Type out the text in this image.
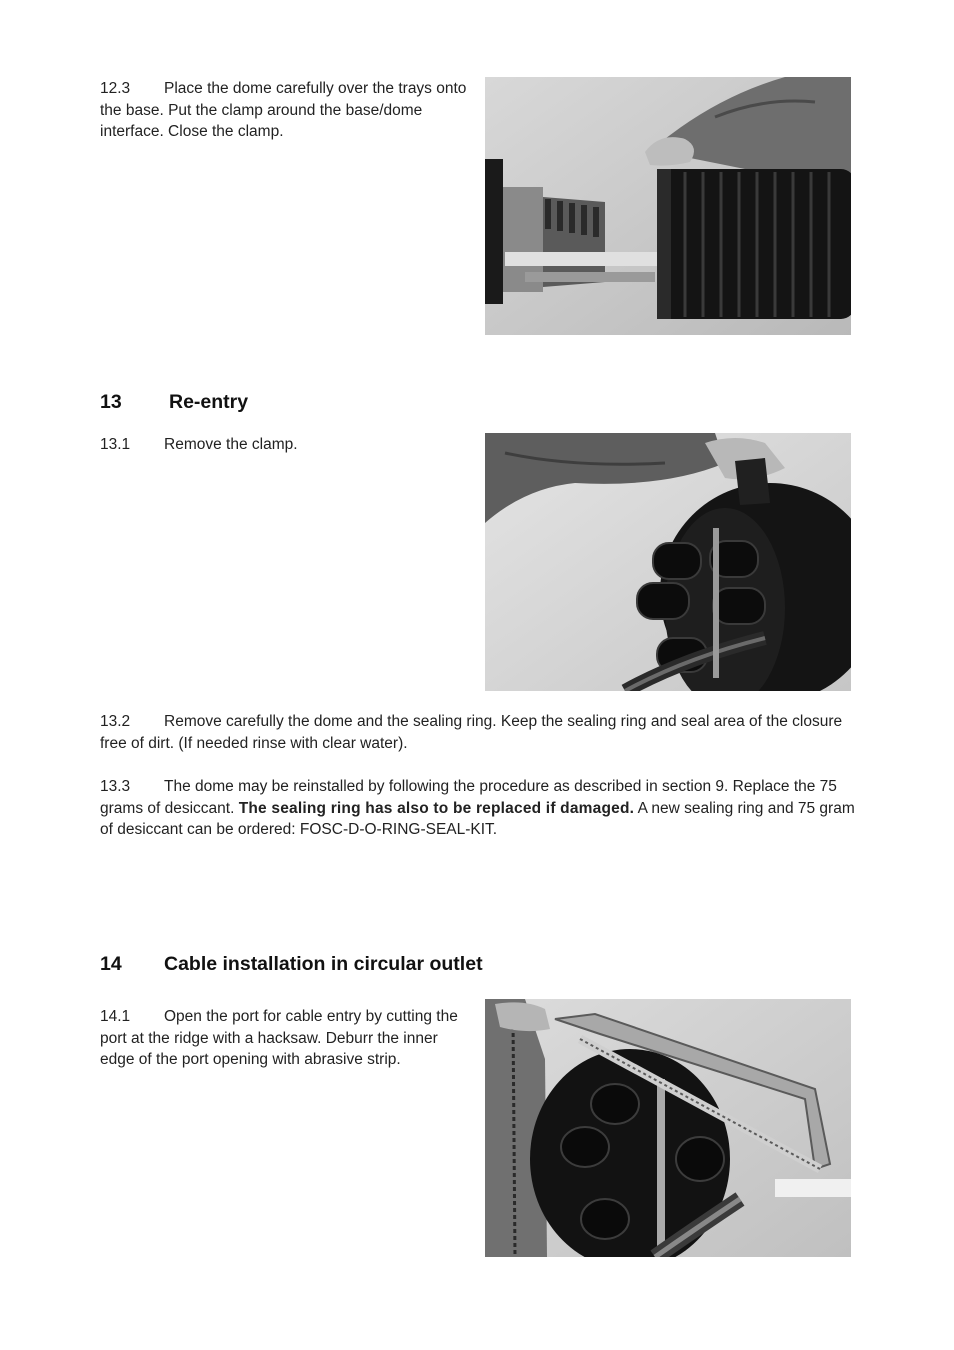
12.3 Place the dome carefully over the trays onto the base. Put the clamp around the base/dome interface. Close the clamp.
13 Re-entry
13.1 Remove the clamp.
13.2 Remove carefully the dome and the sealing ring. Keep the sealing ring and seal area of the closure free of dirt. (If needed rinse with clear water).
13.3 The dome may be reinstalled by following the procedure as described in section 9. Replace the 75 grams of desiccant. The sealing ring has also to be replaced if damaged. A new sealing ring and 75 gram of desiccant can be ordered: FOSC-D-O-RING-SEAL-KIT.
14 Cable installation in circular outlet
14.1 Open the port for cable entry by cutting the port at the ridge with a hacksaw. Deburr the inner edge of the port opening with abrasive strip.
